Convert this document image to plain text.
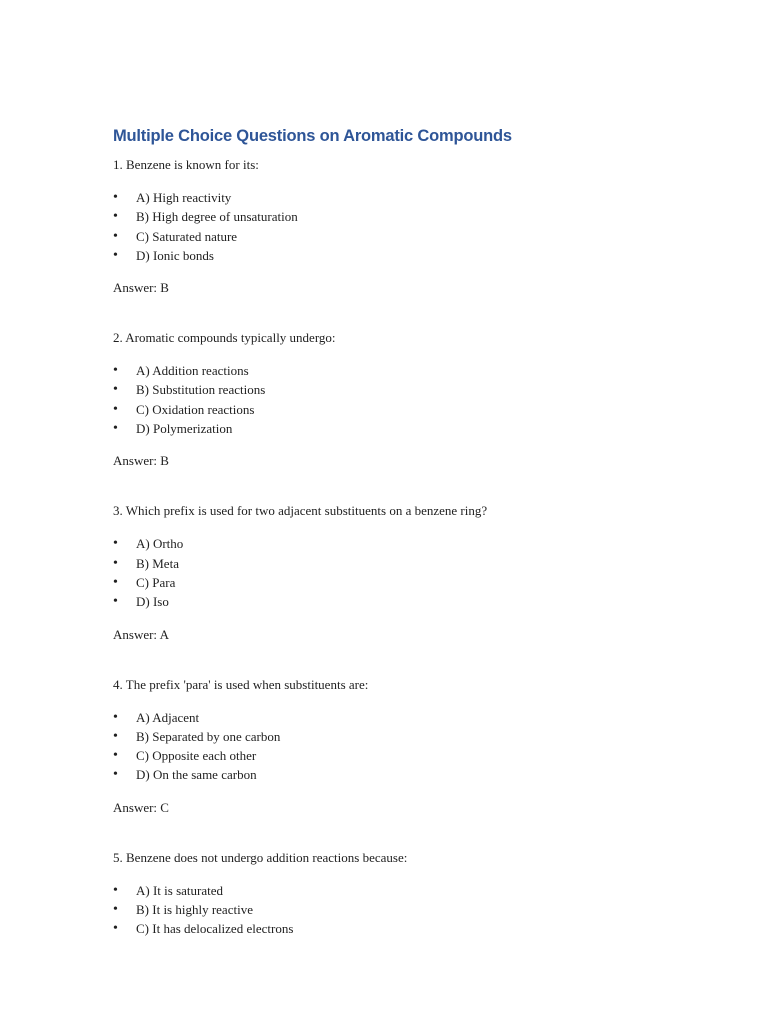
Multiple Choice Questions on Aromatic Compounds

1. Benzene is known for its:

• A) High reactivity
• B) High degree of unsaturation
• C) Saturated nature
• D) Ionic bonds

Answer: B

2. Aromatic compounds typically undergo:

• A) Addition reactions
• B) Substitution reactions
• C) Oxidation reactions
• D) Polymerization

Answer: B

3. Which prefix is used for two adjacent substituents on a benzene ring?

• A) Ortho
• B) Meta
• C) Para
• D) Iso

Answer: A

4. The prefix 'para' is used when substituents are:

• A) Adjacent
• B) Separated by one carbon
• C) Opposite each other
• D) On the same carbon

Answer: C

5. Benzene does not undergo addition reactions because:

• A) It is saturated
• B) It is highly reactive
• C) It has delocalized electrons
